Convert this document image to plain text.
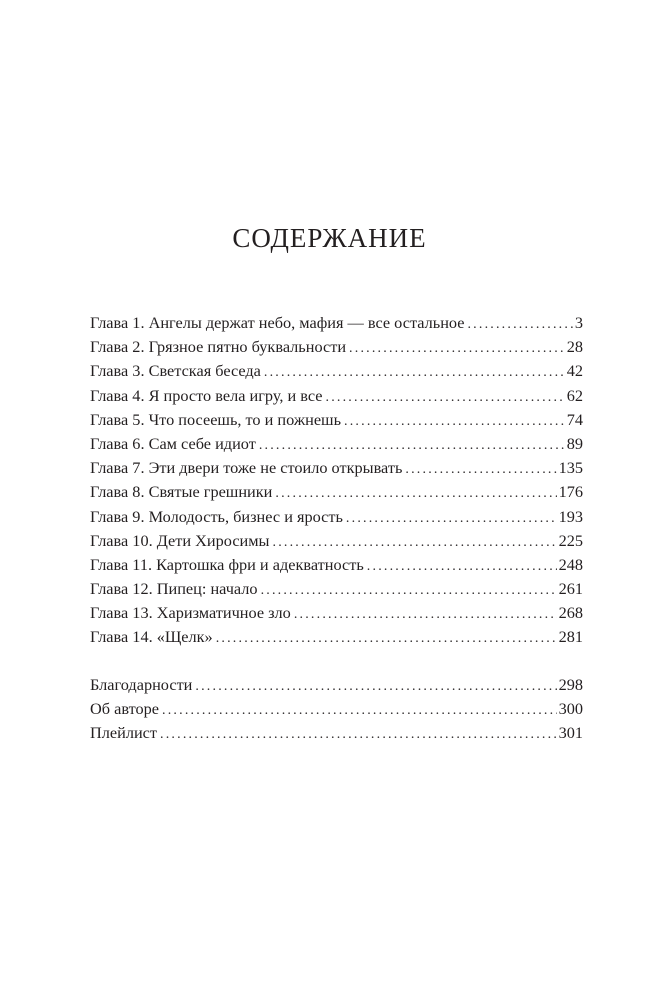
СОДЕРЖАНИЕ
Глава 1. Ангелы держат небо, мафия — все остальное .....	3
Глава 2. Грязное пятно буквальности .....	28
Глава 3. Светская беседа .....	42
Глава 4. Я просто вела игру, и все .....	62
Глава 5. Что посеешь, то и пожнешь .....	74
Глава 6. Сам себе идиот .....	89
Глава 7. Эти двери тоже не стоило открывать .....	135
Глава 8. Святые грешники .....	176
Глава 9. Молодость, бизнес и ярость .....	193
Глава 10. Дети Хиросимы .....	225
Глава 11. Картошка фри и адекватность .....	248
Глава 12. Пипец: начало .....	261
Глава 13. Харизматичное зло .....	268
Глава 14. «Щелк» .....	281
Благодарности .....	298
Об авторе .....	300
Плейлист .....	301
